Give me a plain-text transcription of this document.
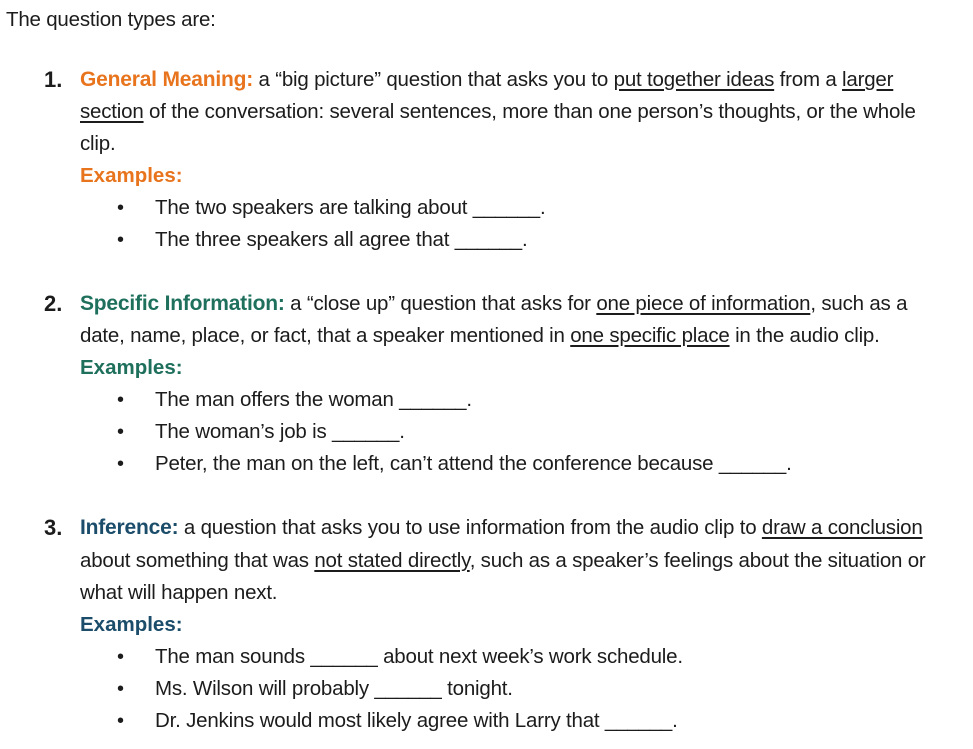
The question types are:
1. General Meaning: a “big picture” question that asks you to put together ideas from a larger
section of the conversation: several sentences, more than one person’s thoughts, or the whole
clip.
Examples:
• The two speakers are talking about ______.
• The three speakers all agree that ______.
2. Specific Information: a “close up” question that asks for one piece of information, such as a
date, name, place, or fact, that a speaker mentioned in one specific place in the audio clip.
Examples:
• The man offers the woman ______.
• The woman’s job is ______.
• Peter, the man on the left, can’t attend the conference because ______.
3. Inference: a question that asks you to use information from the audio clip to draw a conclusion
about something that was not stated directly, such as a speaker’s feelings about the situation or
what will happen next.
Examples:
• The man sounds ______ about next week’s work schedule.
• Ms. Wilson will probably ______ tonight.
• Dr. Jenkins would most likely agree with Larry that ______.
